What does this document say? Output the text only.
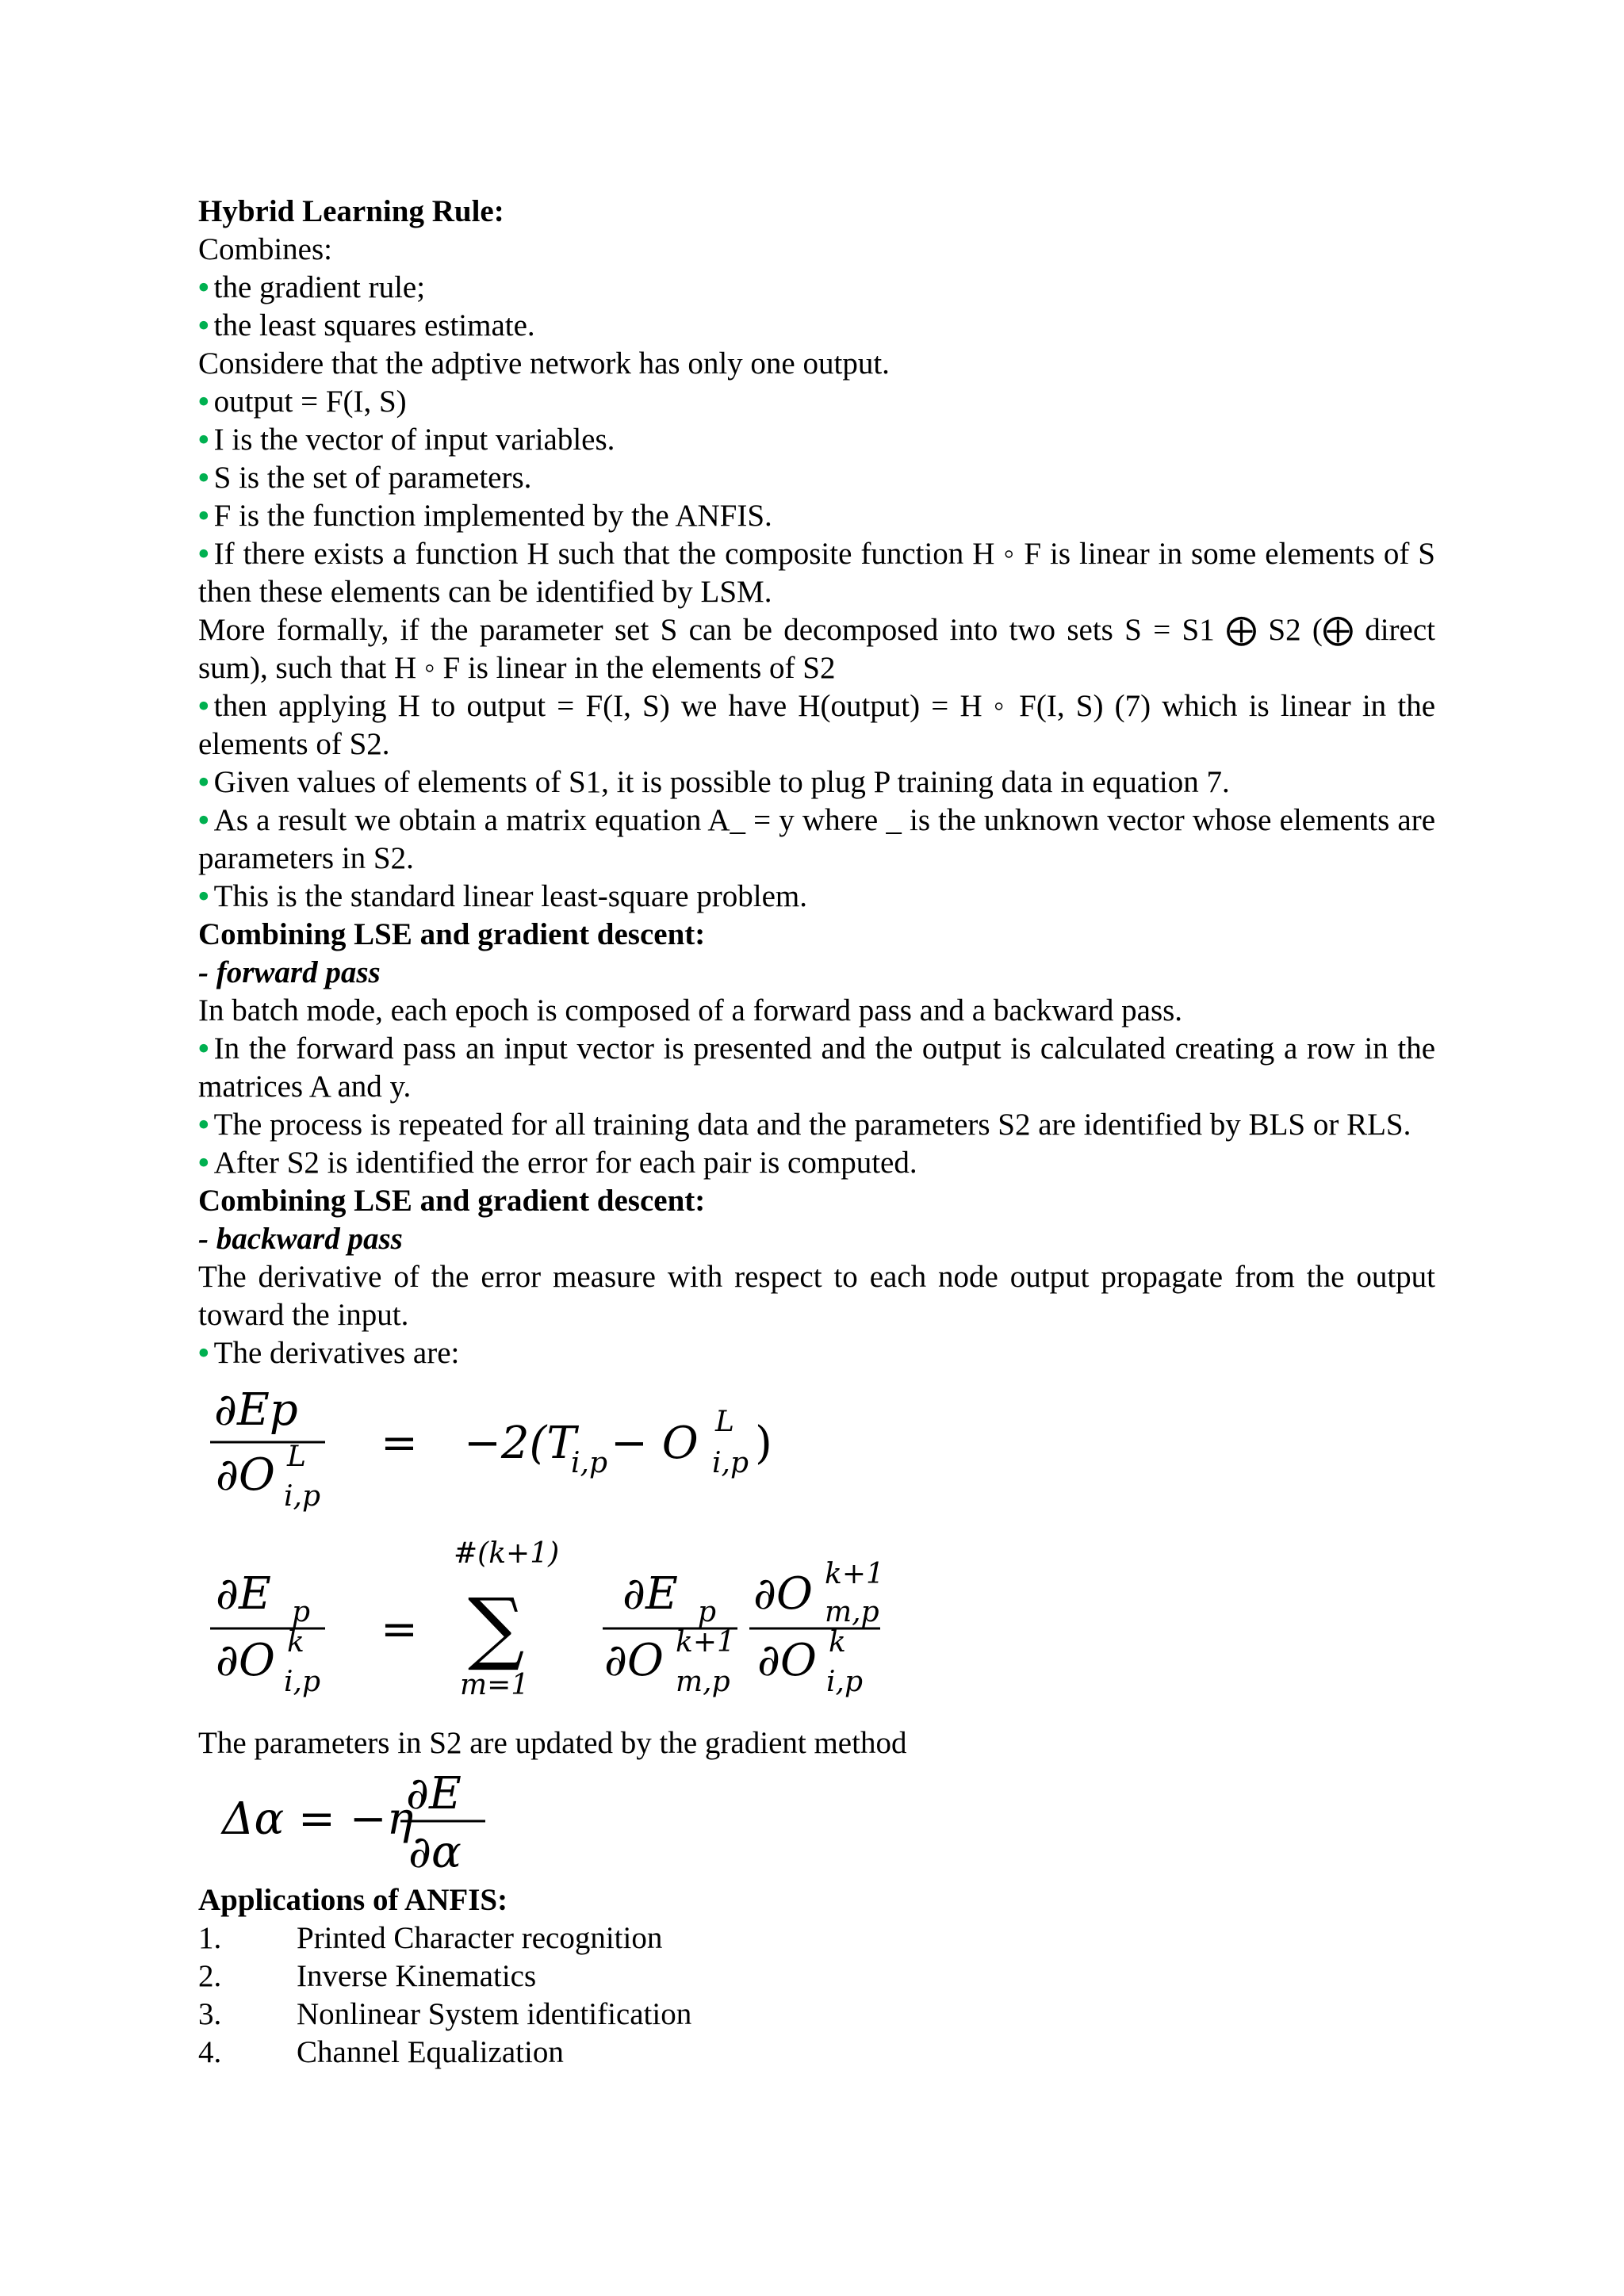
Hybrid Learning Rule:

Combines:

• the gradient rule;

• the least squares estimate.

Considere that the adptive network has only one output.

• output = F(I, S)

• I is the vector of input variables.

• S is the set of parameters.

• F is the function implemented by the ANFIS.

• If there exists a function H such that the composite function H ◦ F is linear in some elements of S then these elements can be identified by LSM.

More formally, if the parameter set S can be decomposed into two sets S = S1 ⨁ S2 (⨁ direct sum), such that H ◦ F is linear in the elements of S2

• then applying H to output = F(I, S) we have H(output) = H ◦ F(I, S) (7) which is linear in the elements of S2.

• Given values of elements of S1, it is possible to plug P training data in equation 7.

• As a result we obtain a matrix equation A_ = y where _ is the unknown vector whose elements are parameters in S2.

• This is the standard linear least-square problem.

Combining LSE and gradient descent:

- forward pass

In batch mode, each epoch is composed of a forward pass and a backward pass.

• In the forward pass an input vector is presented and the output is calculated creating a row in the matrices A and y.

• The process is repeated for all training data and the parameters S2 are identified by BLS or RLS.

• After S2 is identified the error for each pair is computed.

Combining LSE and gradient descent:

- backward pass

The derivative of the error measure with respect to each node output propagate from the output toward the input.

• The derivatives are:

∂Ep
∂O L
i,p
= −2(T
i,p − O L
i,p )
∂E p
∂O k
i,p
=
#(k+1)
∑
m=1
∂E p
∂O k+1
m,p
∂O k+1
m,p
∂O k
i,p

The parameters in S2 are updated by the gradient method

Δα = −η
∂E
∂α

Applications of ANFIS:

1.	Printed Character recognition
2.	Inverse Kinematics
3.	Nonlinear System identification
4.	Channel Equalization
